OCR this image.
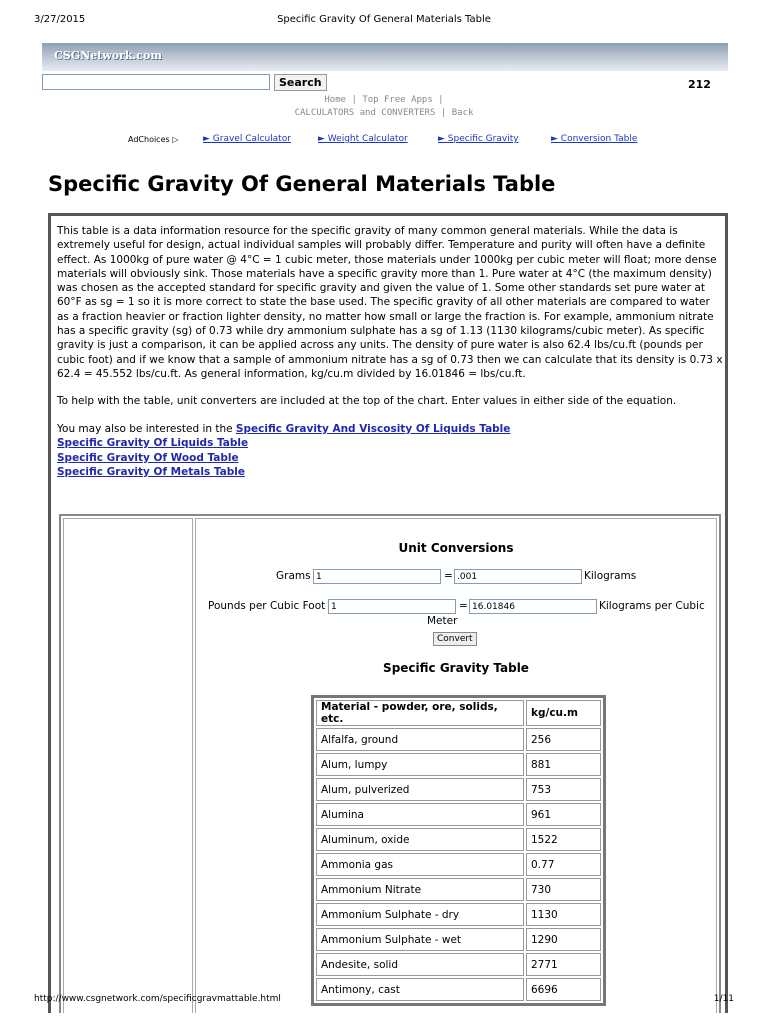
3/27/2015	Specific Gravity Of General Materials Table
CSGNetwork.com
Search	212
Home | Top Free Apps |
CALCULATORS and CONVERTERS | Back
AdChoices ▷	► Gravel Calculator	► Weight Calculator	► Specific Gravity	► Conversion Table
Specific Gravity Of General Materials Table

This table is a data information resource for the specific gravity of many common general materials. While the data is extremely useful for design, actual individual samples will probably differ. Temperature and purity will often have a definite effect. As 1000kg of pure water @ 4°C = 1 cubic meter, those materials under 1000kg per cubic meter will float; more dense materials will obviously sink. Those materials have a specific gravity more than 1. Pure water at 4°C (the maximum density) was chosen as the accepted standard for specific gravity and given the value of 1. Some other standards set pure water at 60°F as sg = 1 so it is more correct to state the base used. The specific gravity of all other materials are compared to water as a fraction heavier or fraction lighter density, no matter how small or large the fraction is. For example, ammonium nitrate has a specific gravity (sg) of 0.73 while dry ammonium sulphate has a sg of 1.13 (1130 kilograms/cubic meter). As specific gravity is just a comparison, it can be applied across any units. The density of pure water is also 62.4 lbs/cu.ft (pounds per cubic foot) and if we know that a sample of ammonium nitrate has a sg of 0.73 then we can calculate that its density is 0.73 x 62.4 = 45.552 lbs/cu.ft. As general information, kg/cu.m divided by 16.01846 = lbs/cu.ft.

To help with the table, unit converters are included at the top of the chart. Enter values in either side of the equation.

You may also be interested in the Specific Gravity And Viscosity Of Liquids Table
Specific Gravity Of Liquids Table
Specific Gravity Of Wood Table
Specific Gravity Of Metals Table
Unit Conversions
Grams
1	=
.001	Kilograms
Pounds per Cubic Foot
1	=
16.01846	Kilograms per Cubic
Meter
Convert
Specific Gravity Table
Material - powder, ore, solids, etc.	kg/cu.m
Alfalfa, ground	256
Alum, lumpy	881
Alum, pulverized	753
Alumina	961
Aluminum, oxide	1522
Ammonia gas	0.77
Ammonium Nitrate	730
Ammonium Sulphate - dry	1130
Ammonium Sulphate - wet	1290
Andesite, solid	2771
Antimony, cast	6696
http://www.csgnetwork.com/specificgravmattable.html	1/11
